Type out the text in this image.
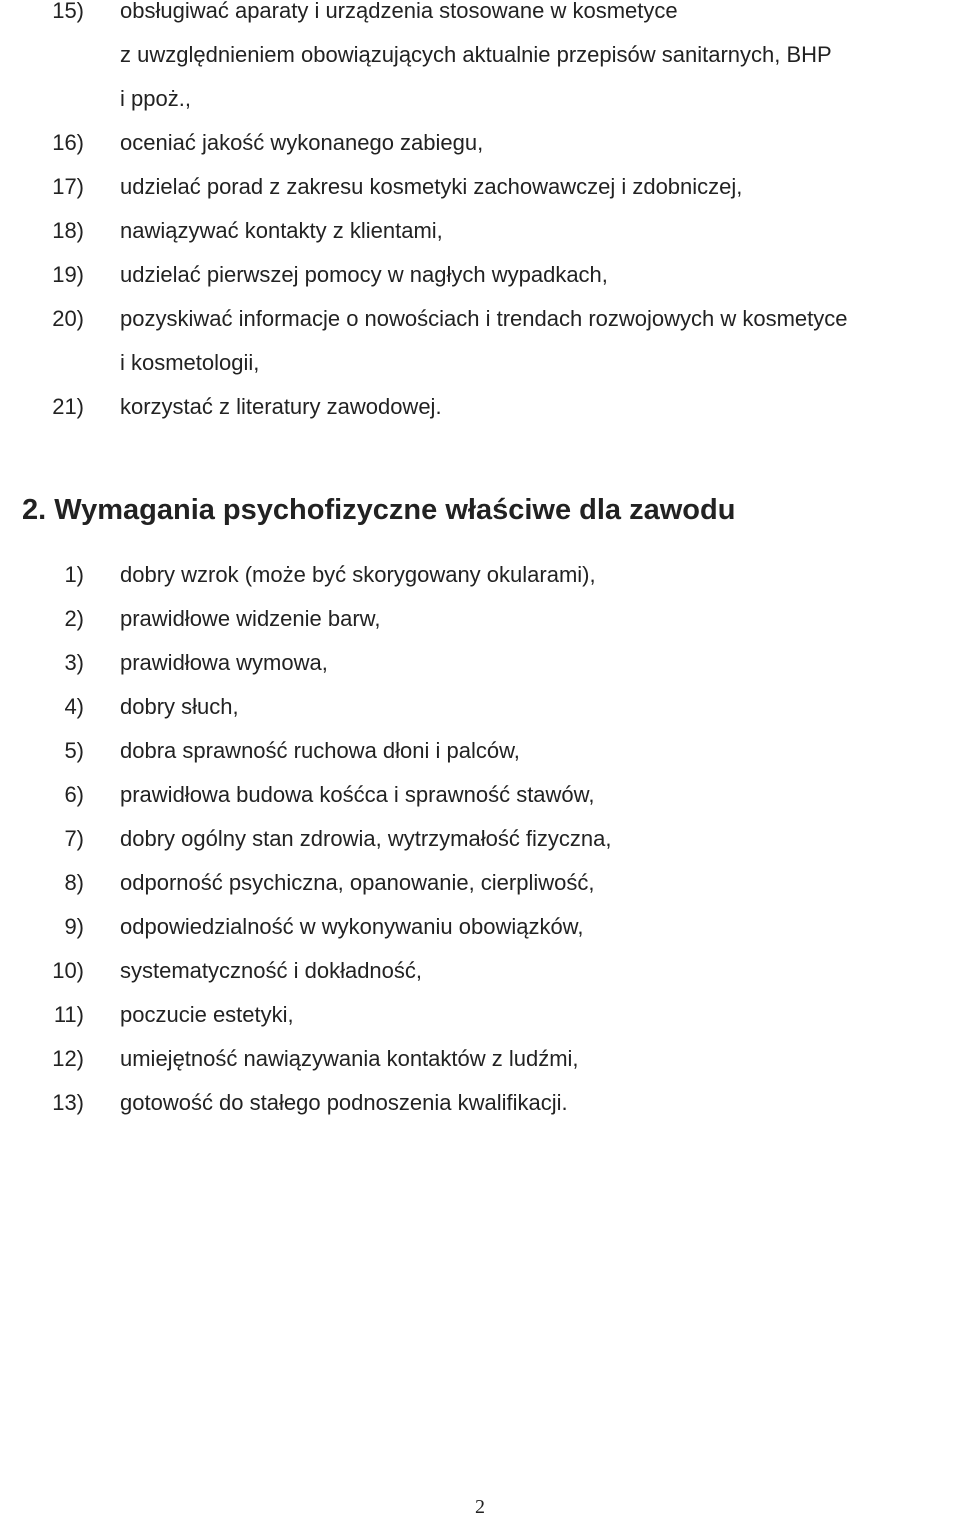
15) obsługiwać aparaty i urządzenia stosowane w kosmetyce
z uwzględnieniem obowiązujących aktualnie przepisów sanitarnych, BHP
i ppoż.,
16) oceniać jakość wykonanego zabiegu,
17) udzielać porad z zakresu kosmetyki zachowawczej i zdobniczej,
18) nawiązywać kontakty z klientami,
19) udzielać pierwszej pomocy w nagłych wypadkach,
20) pozyskiwać informacje o nowościach i trendach rozwojowych w kosmetyce
i kosmetologii,
21) korzystać z literatury zawodowej.
2. Wymagania psychofizyczne właściwe dla zawodu
1) dobry wzrok (może być skorygowany okularami),
2) prawidłowe widzenie barw,
3) prawidłowa wymowa,
4) dobry słuch,
5) dobra sprawność ruchowa dłoni i palców,
6) prawidłowa budowa kośćca i sprawność stawów,
7) dobry ogólny stan zdrowia, wytrzymałość fizyczna,
8) odporność psychiczna, opanowanie, cierpliwość,
9) odpowiedzialność w wykonywaniu obowiązków,
10) systematyczność i dokładność,
11) poczucie estetyki,
12) umiejętność nawiązywania kontaktów z ludźmi,
13) gotowość do stałego podnoszenia kwalifikacji.
2
